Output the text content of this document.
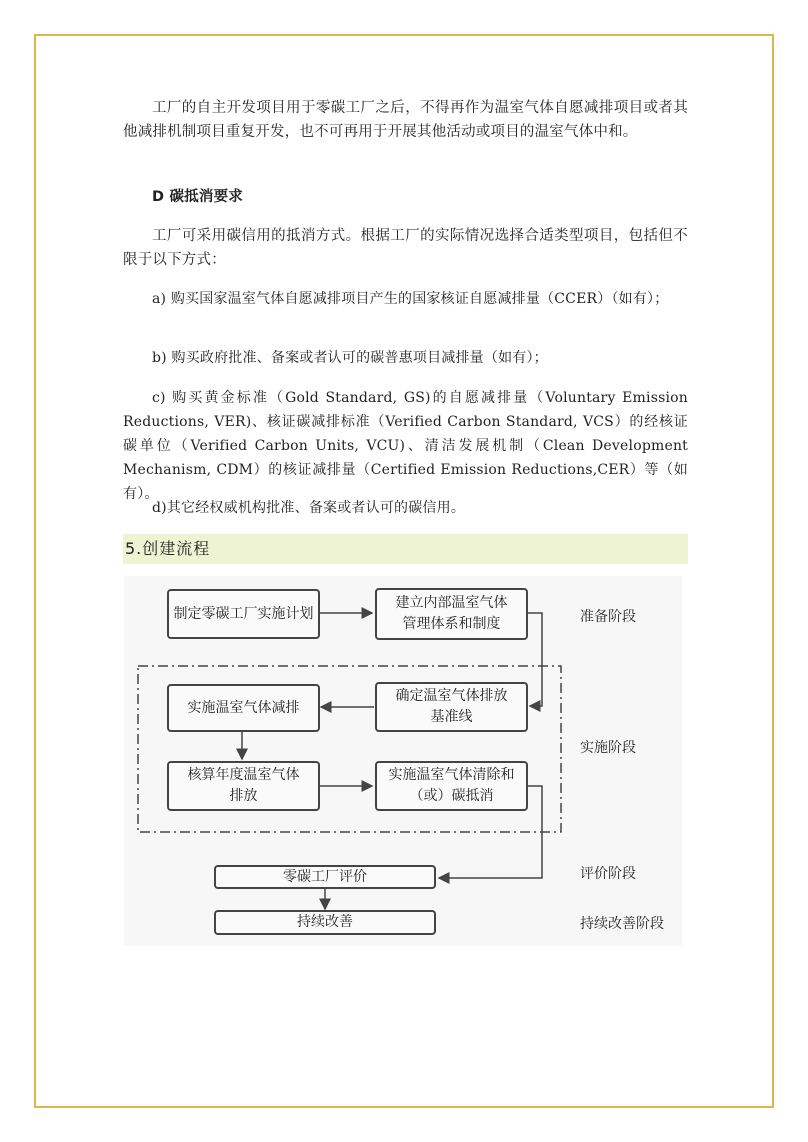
工厂的自主开发项目用于零碳工厂之后，不得再作为温室气体自愿减排项目或者其他减排机制项目重复开发，也不可再用于开展其他活动或项目的温室气体中和。

D 碳抵消要求

工厂可采用碳信用的抵消方式。根据工厂的实际情况选择合适类型项目，包括但不限于以下方式：

a) 购买国家温室气体自愿减排项目产生的国家核证自愿减排量（CCER）（如有）；

b) 购买政府批准、备案或者认可的碳普惠项目减排量（如有）；

c) 购买黄金标准（Gold Standard, GS)的自愿减排量（Voluntary Emission Reductions, VER)、核证碳减排标准（Verified Carbon Standard, VCS）的经核证碳单位（Verified Carbon Units, VCU)、清洁发展机制（Clean Development Mechanism, CDM）的核证减排量（Certified Emission Reductions,CER）等（如有）。

d)其它经权威机构批准、备案或者认可的碳信用。

5.创建流程
制定零碳工厂实施计划
建立内部温室气体管理体系和制度
确定温室气体排放基准线
实施温室气体减排
核算年度温室气体排放
实施温室气体清除和（或）碳抵消
零碳工厂评价
持续改善
准备阶段
实施阶段
评价阶段
持续改善阶段
